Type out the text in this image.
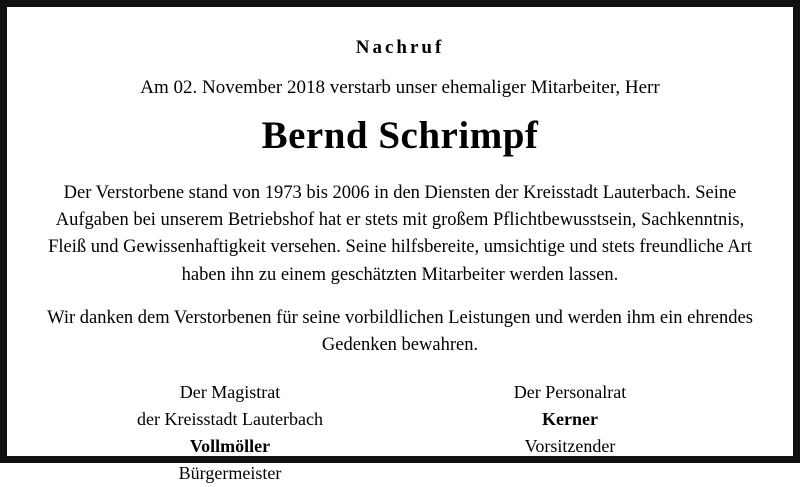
Nachruf
Am 02. November 2018 verstarb unser ehemaliger Mitarbeiter, Herr
Bernd Schrimpf
Der Verstorbene stand von 1973 bis 2006 in den Diensten der Kreisstadt Lauterbach. Seine Aufgaben bei unserem Betriebshof hat er stets mit großem Pflichtbewusstsein, Sachkenntnis, Fleiß und Gewissenhaftigkeit versehen. Seine hilfsbereite, umsichtige und stets freundliche Art haben ihn zu einem geschätzten Mitarbeiter werden lassen.
Wir danken dem Verstorbenen für seine vorbildlichen Leistungen und werden ihm ein ehrendes Gedenken bewahren.
Der Magistrat
der Kreisstadt Lauterbach
Vollmöller
Bürgermeister
Der Personalrat
Kerner
Vorsitzender
